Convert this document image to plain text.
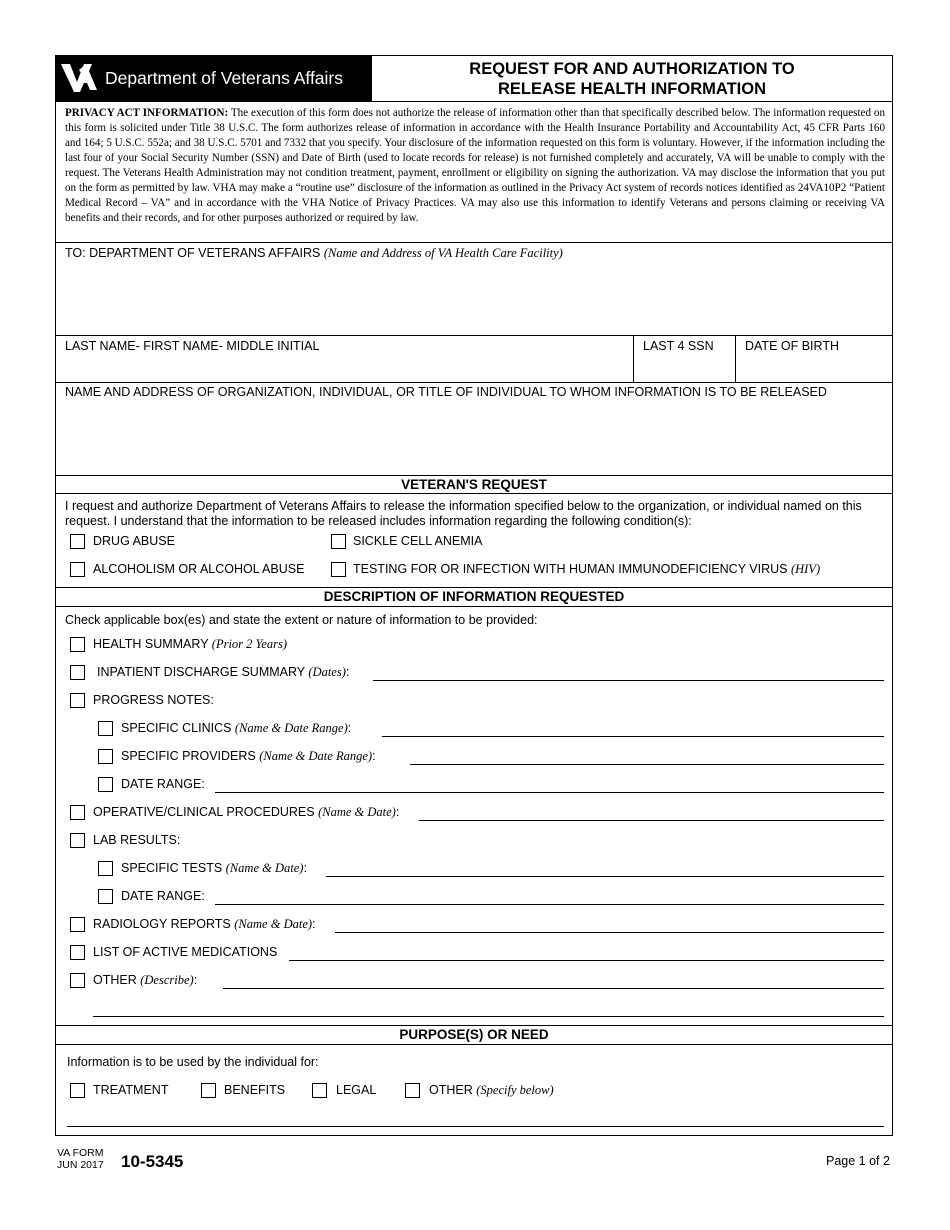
Department of Veterans Affairs	REQUEST FOR AND AUTHORIZATION TO
RELEASE HEALTH INFORMATION
PRIVACY ACT INFORMATION: The execution of this form does not authorize the release of information other than that specifically described below. The information requested on this form is solicited under Title 38 U.S.C. The form authorizes release of information in accordance with the Health Insurance Portability and Accountability Act, 45 CFR Parts 160 and 164; 5 U.S.C. 552a; and 38 U.S.C. 5701 and 7332 that you specify. Your disclosure of the information requested on this form is voluntary. However, if the information including the last four of your Social Security Number (SSN) and Date of Birth (used to locate records for release) is not furnished completely and accurately, VA will be unable to comply with the request. The Veterans Health Administration may not condition treatment, payment, enrollment or eligibility on signing the authorization. VA may disclose the information that you put on the form as permitted by law. VHA may make a “routine use” disclosure of the information as outlined in the Privacy Act system of records notices identified as 24VA10P2 “Patient Medical Record – VA” and in accordance with the VHA Notice of Privacy Practices. VA may also use this information to identify Veterans and persons claiming or receiving VA benefits and their records, and for other purposes authorized or required by law.
TO: DEPARTMENT OF VETERANS AFFAIRS (Name and Address of VA Health Care Facility)
LAST NAME- FIRST NAME- MIDDLE INITIAL	LAST 4 SSN	DATE OF BIRTH
NAME AND ADDRESS OF ORGANIZATION, INDIVIDUAL, OR TITLE OF INDIVIDUAL TO WHOM INFORMATION IS TO BE RELEASED
VETERAN'S REQUEST
I request and authorize Department of Veterans Affairs to release the information specified below to the organization, or individual named on this
request. I understand that the information to be released includes information regarding the following condition(s):
DRUG ABUSE	SICKLE CELL ANEMIA
ALCOHOLISM OR ALCOHOL ABUSE	TESTING FOR OR INFECTION WITH HUMAN IMMUNODEFICIENCY VIRUS (HIV)
DESCRIPTION OF INFORMATION REQUESTED
Check applicable box(es) and state the extent or nature of information to be provided:
HEALTH SUMMARY (Prior 2 Years)
INPATIENT DISCHARGE SUMMARY (Dates):
PROGRESS NOTES:
SPECIFIC CLINICS (Name & Date Range):
SPECIFIC PROVIDERS (Name & Date Range):
DATE RANGE:
OPERATIVE/CLINICAL PROCEDURES (Name & Date):
LAB RESULTS:
SPECIFIC TESTS (Name & Date):
DATE RANGE:
RADIOLOGY REPORTS (Name & Date):
LIST OF ACTIVE MEDICATIONS
OTHER (Describe):
PURPOSE(S) OR NEED
Information is to be used by the individual for:
TREATMENT	BENEFITS	LEGAL	OTHER (Specify below)
VA FORM
JUN 2017 10-5345	Page 1 of 2
